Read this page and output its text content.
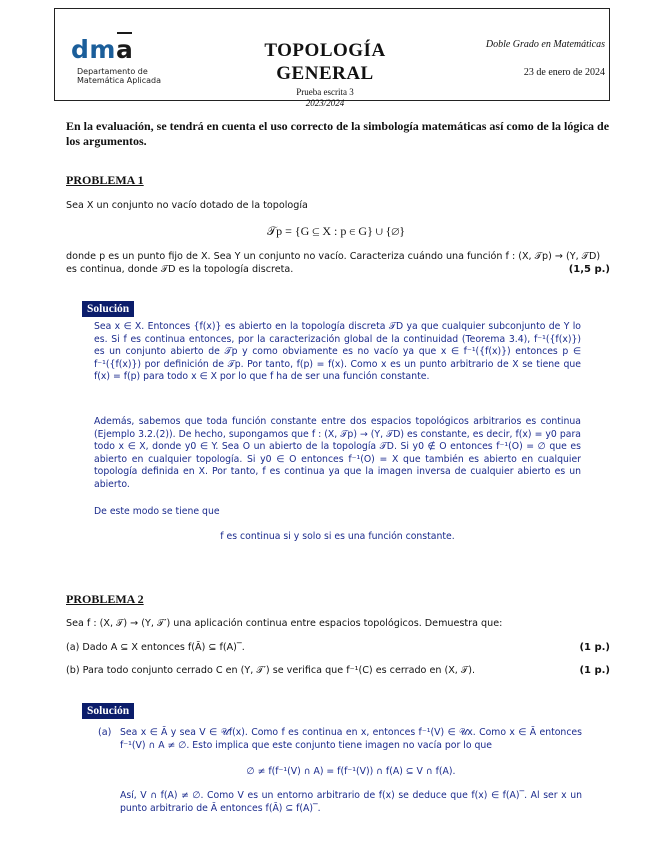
dma
Departamento de
Matemática Aplicada
TOPOLOGÍA
GENERAL
Prueba escrita 3
2023/2024
Doble Grado en Matemáticas
23 de enero de 2024
En la evaluación, se tendrá en cuenta el uso correcto de la simbología matemáticas así como de la lógica de los argumentos.
PROBLEMA 1
Sea X un conjunto no vacío dotado de la topología
𝒯p = {G ⊆ X : p ∈ G} ∪ {∅}
donde p es un punto fijo de X. Sea Y un conjunto no vacío. Caracteriza cuándo una función f : (X, 𝒯p) → (Y, 𝒯D)
es continua, donde 𝒯D es la topología discreta.	(1,5 p.)
Solución
Sea x ∈ X. Entonces {f(x)} es abierto en la topología discreta 𝒯D ya que cualquier subconjunto de Y lo es. Si f es continua entonces, por la caracterización global de la continuidad (Teorema 3.4), f⁻¹({f(x)}) es un conjunto abierto de 𝒯p y como obviamente es no vacío ya que x ∈ f⁻¹({f(x)}) entonces p ∈ f⁻¹({f(x)}) por definición de 𝒯p. Por tanto, f(p) = f(x). Como x es un punto arbitrario de X se tiene que f(x) = f(p) para todo x ∈ X por lo que f ha de ser una función constante.
Además, sabemos que toda función constante entre dos espacios topológicos arbitrarios es continua (Ejemplo 3.2.(2)). De hecho, supongamos que f : (X, 𝒯p) → (Y, 𝒯D) es constante, es decir, f(x) = y0 para todo x ∈ X, donde y0 ∈ Y. Sea O un abierto de la topología 𝒯D. Si y0 ∉ O entonces f⁻¹(O) = ∅ que es abierto en cualquier topología. Si y0 ∈ O entonces f⁻¹(O) = X que también es abierto en cualquier topología definida en X. Por tanto, f es continua ya que la imagen inversa de cualquier abierto es un abierto.
De este modo se tiene que
f es continua si y solo si es una función constante.
PROBLEMA 2
Sea f : (X, 𝒯) → (Y, 𝒯′) una aplicación continua entre espacios topológicos. Demuestra que:
(a) Dado A ⊆ X entonces f(Ā) ⊆ f(A)‾.	(1 p.)
(b) Para todo conjunto cerrado C en (Y, 𝒯′) se verifica que f⁻¹(C) es cerrado en (X, 𝒯).	(1 p.)
Solución
(a) Sea x ∈ Ā y sea V ∈ 𝒰f(x). Como f es continua en x, entonces f⁻¹(V) ∈ 𝒰x. Como x ∈ Ā entonces f⁻¹(V) ∩ A ≠ ∅. Esto implica que este conjunto tiene imagen no vacía por lo que
∅ ≠ f(f⁻¹(V) ∩ A) = f(f⁻¹(V)) ∩ f(A) ⊆ V ∩ f(A).
Así, V ∩ f(A) ≠ ∅. Como V es un entorno arbitrario de f(x) se deduce que f(x) ∈ f(A)‾. Al ser x un punto arbitrario de Ā entonces f(Ā) ⊆ f(A)‾.
